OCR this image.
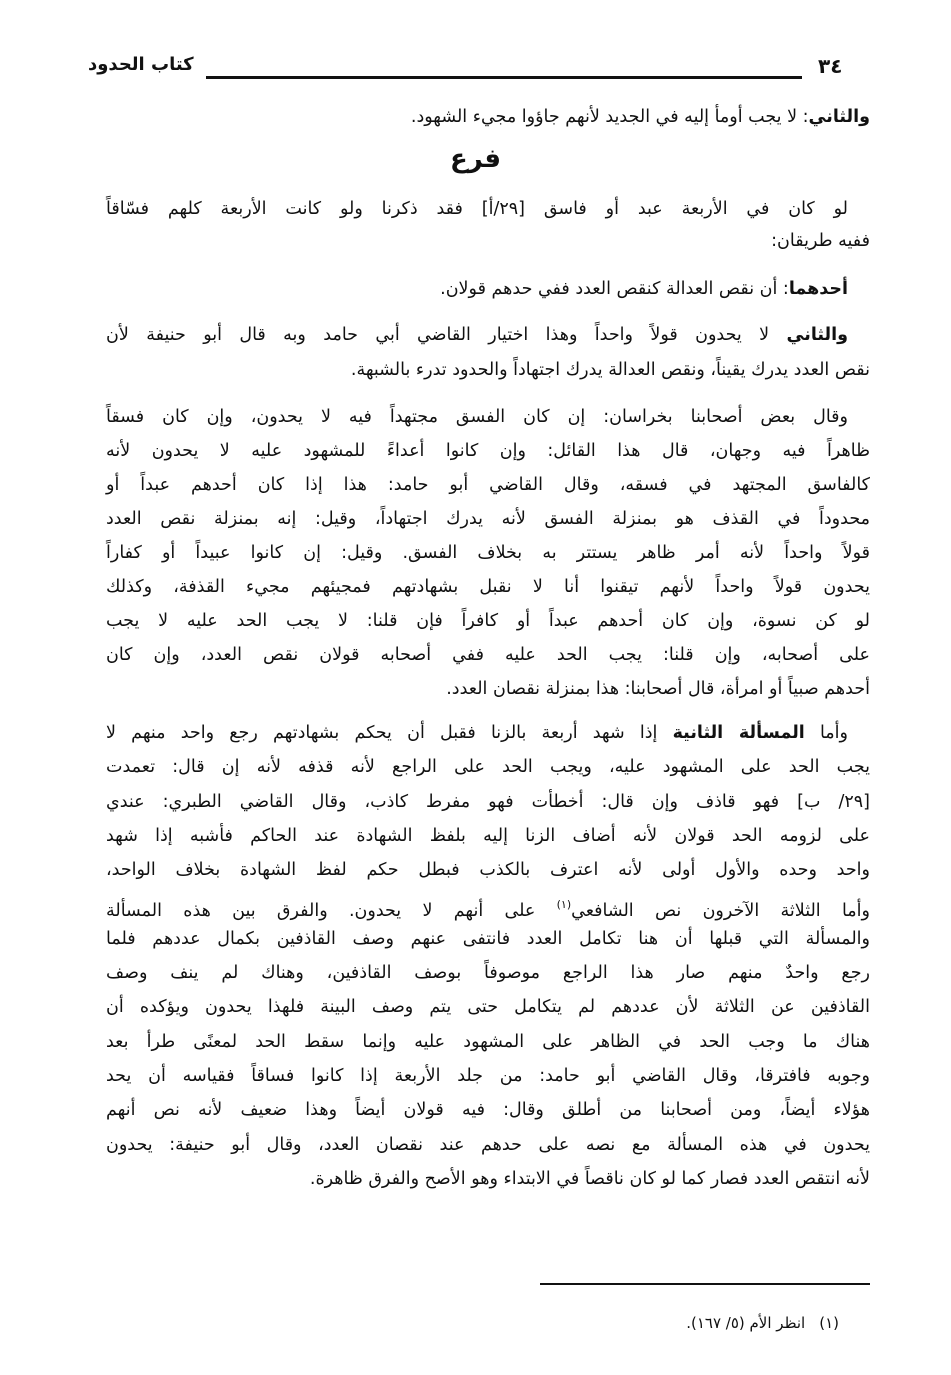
٣٤
كتاب الحدود
فرع
والثاني: لا يجب أومأ إليه في الجديد لأنهم جاؤوا مجيء الشهود.
لو كان في الأربعة عبد أو فاسق [٢٩/أ] فقد ذكرنا ولو كانت الأربعة كلهم فسّاقاً
ففيه طريقان:
أحدهما: أن نقص العدالة كنقص العدد ففي حدهم قولان.
والثاني لا يحدون قولاً واحداً وهذا اختيار القاضي أبي حامد وبه قال أبو حنيفة لأن
نقص العدد يدرك يقيناً، ونقص العدالة يدرك اجتهاداً والحدود تدرء بالشبهة.
وقال بعض أصحابنا بخراسان: إن كان الفسق مجتهداً فيه لا يحدون، وإن كان فسقاً
ظاهراً فيه وجهان، قال هذا القائل: وإن كانوا أعداءً للمشهود عليه لا يحدون لأنه
كالفاسق المجتهد في فسقه، وقال القاضي أبو حامد: هذا إذا كان أحدهم عبداً أو
محدوداً في القذف هو بمنزلة الفسق لأنه يدرك اجتهاداً، وقيل: إنه بمنزلة نقص العدد
قولاً واحداً لأنه أمر ظاهر يستتر به بخلاف الفسق. وقيل: إن كانوا عبيداً أو كفاراً
يحدون قولاً واحداً لأنهم تيقنوا أنا لا نقبل بشهادتهم فمجيئهم مجيء القذفة، وكذلك
لو كن نسوة، وإن كان أحدهم عبداً أو كافراً فإن قلنا: لا يجب الحد عليه لا يجب
على أصحابه، وإن قلنا: يجب الحد عليه ففي أصحابه قولان نقص العدد، وإن كان
أحدهم صبياً أو امرأة، قال أصحابنا: هذا بمنزلة نقصان العدد.
وأما المسألة الثانية إذا شهد أربعة بالزنا فقبل أن يحكم بشهادتهم رجع واحد منهم لا
يجب الحد على المشهود عليه، ويجب الحد على الراجع لأنه قذفه لأنه إن قال: تعمدت
[٢٩/ ب] فهو قاذف وإن قال: أخطأت فهو مفرط كاذب، وقال القاضي الطبري: عندي
على لزومه الحد قولان لأنه أضاف الزنا إليه بلفظ الشهادة عند الحاكم فأشبه إذا شهد
واحد وحده والأول أولى لأنه اعترف بالكذب فبطل حكم لفظ الشهادة بخلاف الواحد،
وأما الثلاثة الآخرون نص الشافعي$^{(١)}$ على أنهم لا يحدون. والفرق بين هذه المسألة
والمسألة التي قبلها أن هنا تكامل العدد فانتفى عنهم وصف القاذفين بكمال عددهم فلما
رجع واحدٌ منهم صار هذا الراجع موصوفاً بوصف القاذفين، وهناك لم ينف وصف
القاذفين عن الثلاثة لأن عددهم لم يتكامل حتى يتم وصف البينة فلهذا يحدون ويؤكده أن
هناك ما وجب الحد في الظاهر على المشهود عليه وإنما سقط الحد لمعنًى طرأ بعد
وجوبه فافترقا، وقال القاضي أبو حامد: من جلد الأربعة إذا كانوا فساقاً فقياسه أن يحد
هؤلاء أيضاً، ومن أصحابنا من أطلق وقال: فيه قولان أيضاً وهذا ضعيف لأنه نص أنهم
يحدون في هذه المسألة مع نصه على حدهم عند نقصان العدد، وقال أبو حنيفة: يحدون
لأنه انتقص العدد فصار كما لو كان ناقصاً في الابتداء وهو الأصح والفرق ظاهرة.
(١)انظر الأم (٥/ ١٦٧).
